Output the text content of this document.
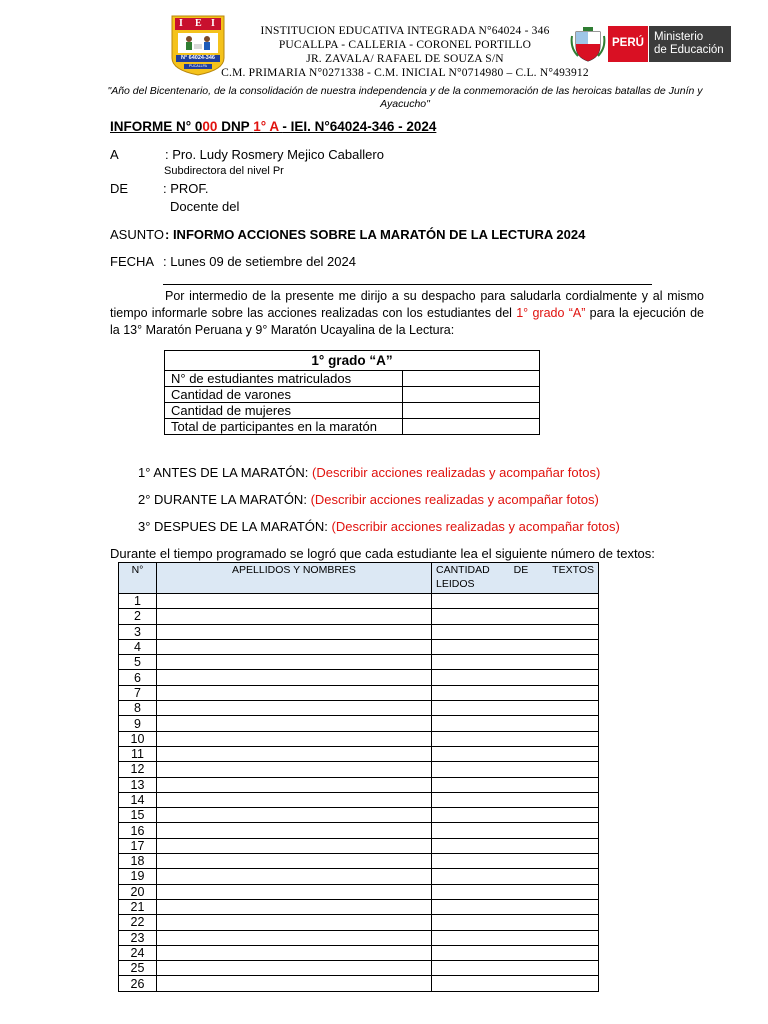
I E I
N° 64024-346
PUCALLPA
INSTITUCION EDUCATIVA INTEGRADA N°64024 - 346
PUCALLPA - CALLERIA - CORONEL PORTILLO
JR. ZAVALA/ RAFAEL DE SOUZA S/N
C.M. PRIMARIA N°0271338 - C.M. INICIAL N°0714980 – C.L. N°493912
PERÚ Ministerio
de Educación
"Año del Bicentenario, de la consolidación de nuestra independencia y de la conmemoración de las heroicas batallas de Junín y Ayacucho"
INFORME N° 000 DNP 1° A - IEI. N°64024-346 - 2024
A	: Pro. Ludy Rosmery Mejico Caballero
Subdirectora del nivel Pr
DE	: PROF.
Docente del
ASUNTO : INFORMO ACCIONES SOBRE LA MARATÓN DE LA LECTURA 2024
FECHA : Lunes 09 de setiembre del 2024
Por intermedio de la presente me dirijo a su despacho para saludarla cordialmente y al mismo tiempo informarle sobre las acciones realizadas con los estudiantes del 1° grado “A” para la ejecución de la 13° Maratón Peruana y 9° Maratón Ucayalina de la Lectura:
1° grado “A”	
N° de estudiantes matriculados	
Cantidad de varones	
Cantidad de mujeres	
Total de participantes en la maratón	
1° ANTES DE LA MARATÓN: (Describir acciones realizadas y acompañar fotos)
2° DURANTE LA MARATÓN: (Describir acciones realizadas y acompañar fotos)
3° DESPUES DE LA MARATÓN: (Describir acciones realizadas y acompañar fotos)
Durante el tiempo programado se logró que cada estudiante lea el siguiente número de textos:
N°	APELLIDOS Y NOMBRES	CANTIDAD DE TEXTOS
LEIDOS

1		
2		
3		
4		
5		
6		
7		
8		
9		
10		
11		
12		
13		
14		
15		
16		
17		
18		
19		
20		
21		
22		
23		
24		
25		
26		
